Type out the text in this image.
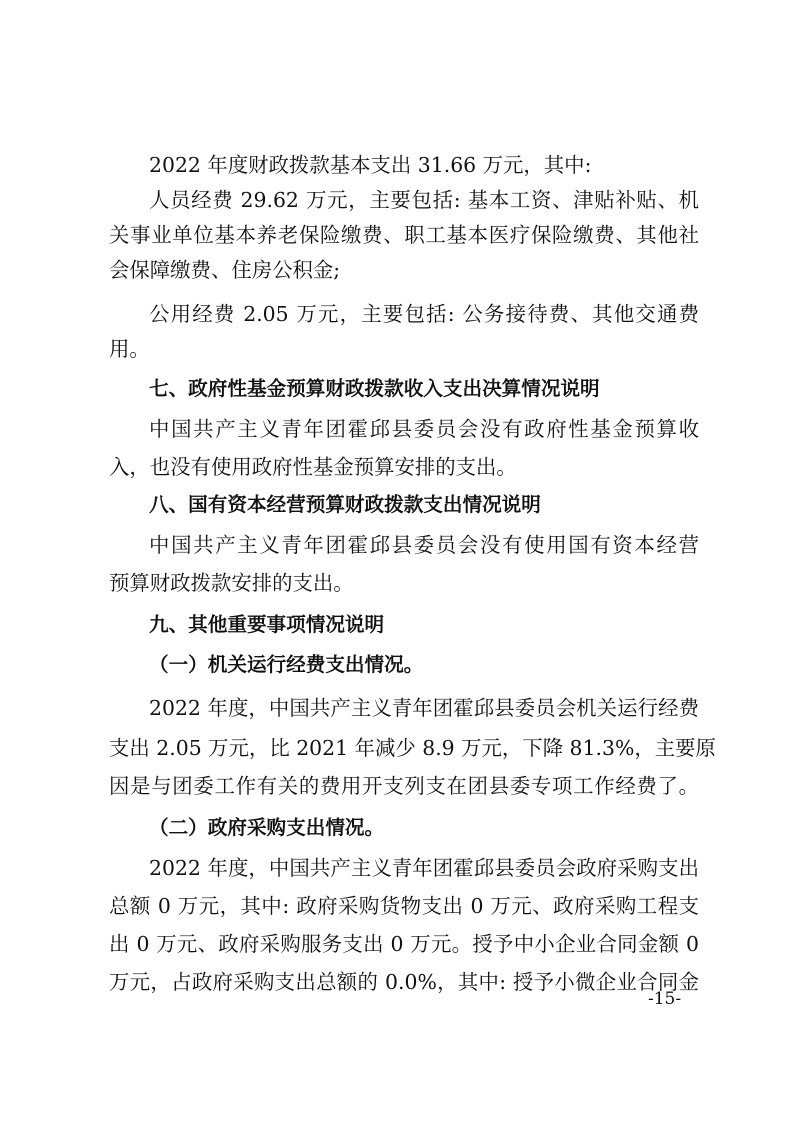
2022 年度财政拨款基本支出 31.66 万元，其中:
人员经费 29.62 万元，主要包括: 基本工资、津贴补贴、机
关事业单位基本养老保险缴费、职工基本医疗保险缴费、其他社
会保障缴费、住房公积金;
公用经费 2.05 万元，主要包括: 公务接待费、其他交通费
用。
七、政府性基金预算财政拨款收入支出决算情况说明
中国共产主义青年团霍邱县委员会没有政府性基金预算收
入，也没有使用政府性基金预算安排的支出。
八、国有资本经营预算财政拨款支出情况说明
中国共产主义青年团霍邱县委员会没有使用国有资本经营
预算财政拨款安排的支出。
九、其他重要事项情况说明
（一）机关运行经费支出情况。
2022 年度，中国共产主义青年团霍邱县委员会机关运行经费
支出 2.05 万元，比 2021 年减少 8.9 万元，下降 81.3%，主要原
因是与团委工作有关的费用开支列支在团县委专项工作经费了。
（二）政府采购支出情况。
2022 年度，中国共产主义青年团霍邱县委员会政府采购支出
总额 0 万元，其中: 政府采购货物支出 0 万元、政府采购工程支
出 0 万元、政府采购服务支出 0 万元。授予中小企业合同金额 0
万元，占政府采购支出总额的 0.0%，其中: 授予小微企业合同金
-15-
